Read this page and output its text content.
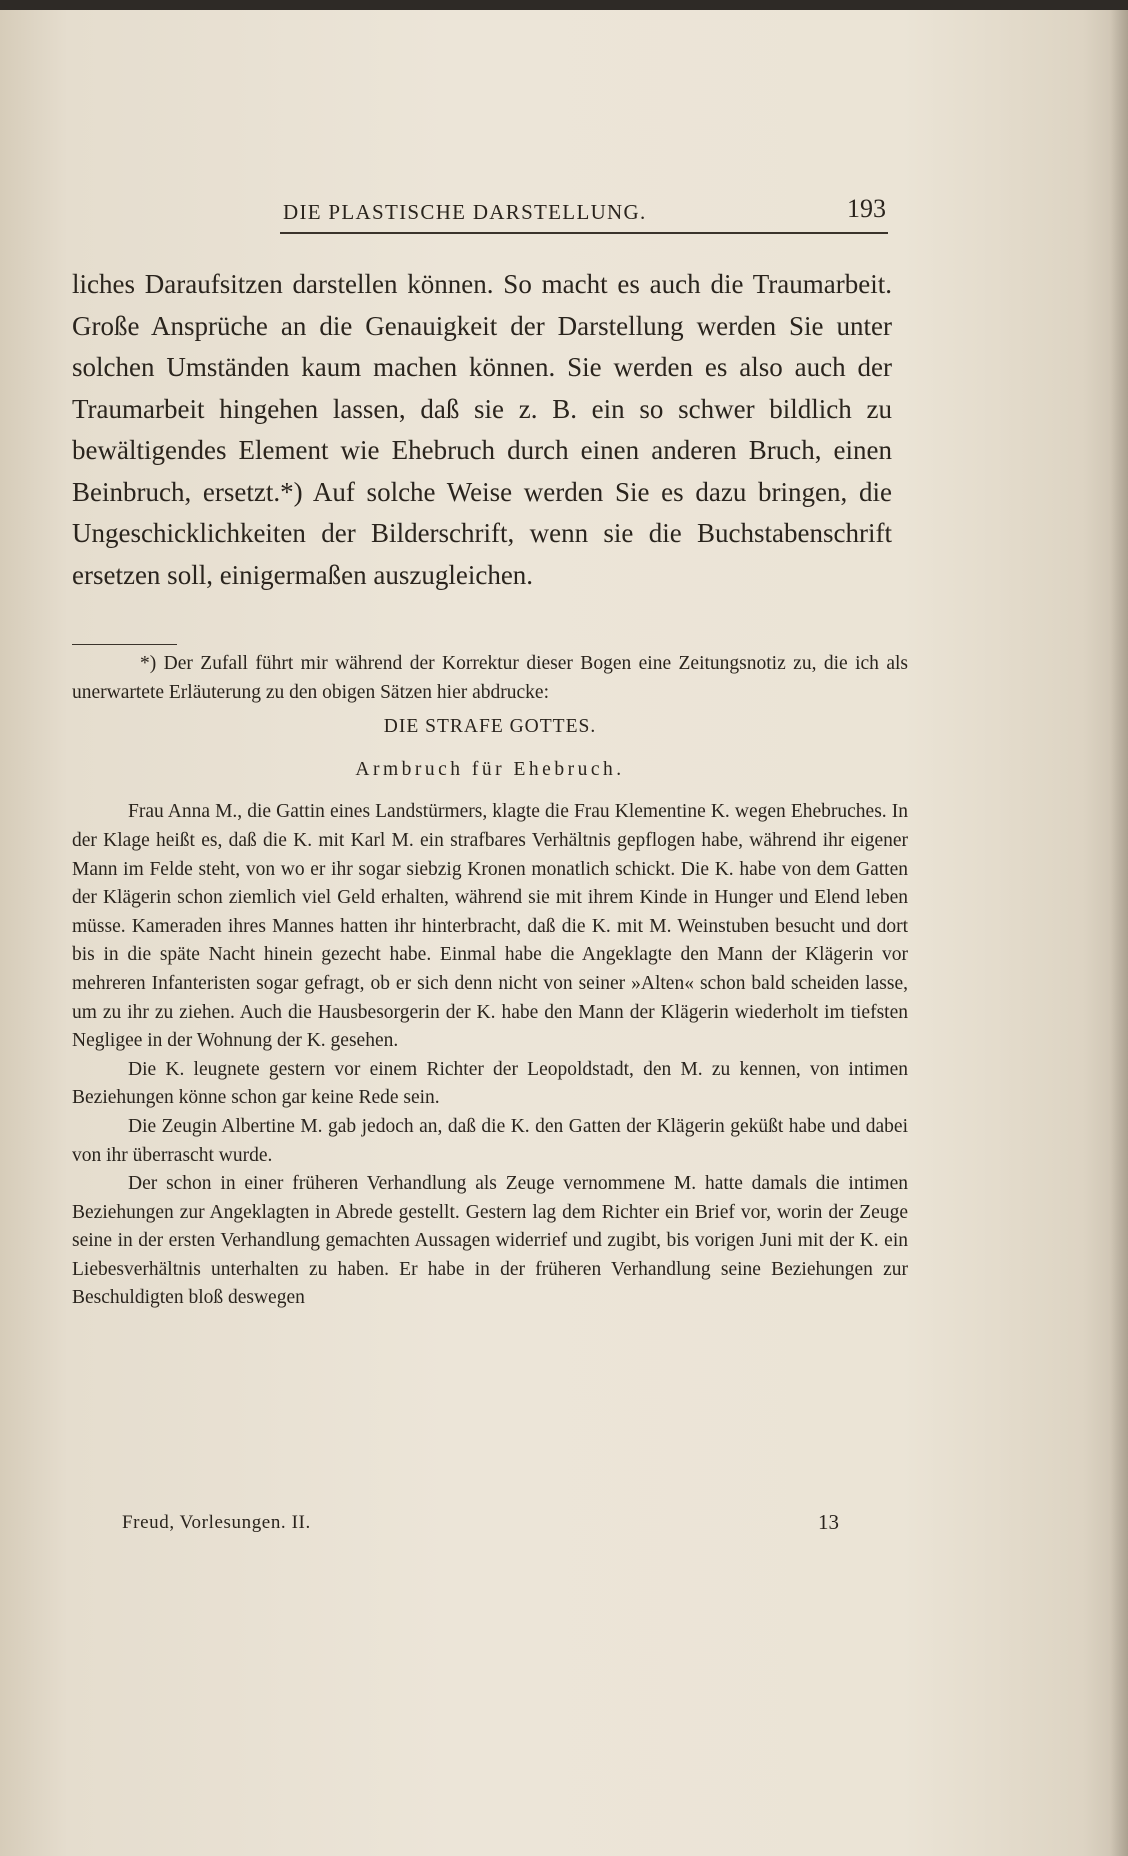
DIE PLASTISCHE DARSTELLUNG.	193

liches Daraufsitzen darstellen können. So macht es auch die Traumarbeit. Große Ansprüche an die Genauigkeit der Darstellung werden Sie unter solchen Umständen kaum machen können. Sie werden es also auch der Traumarbeit hingehen lassen, daß sie z. B. ein so schwer bildlich zu bewältigendes Element wie Ehebruch durch einen anderen Bruch, einen Beinbruch, ersetzt.*) Auf solche Weise werden Sie es dazu bringen, die Ungeschicklichkeiten der Bilderschrift, wenn sie die Buchstabenschrift ersetzen soll, einigermaßen auszugleichen.

*) Der Zufall führt mir während der Korrektur dieser Bogen eine Zeitungsnotiz zu, die ich als unerwartete Erläuterung zu den obigen Sätzen hier abdrucke:

DIE STRAFE GOTTES.

Armbruch für Ehebruch.

Frau Anna M., die Gattin eines Landstürmers, klagte die Frau Klementine K. wegen Ehebruches. In der Klage heißt es, daß die K. mit Karl M. ein strafbares Verhältnis gepflogen habe, während ihr eigener Mann im Felde steht, von wo er ihr sogar siebzig Kronen monatlich schickt. Die K. habe von dem Gatten der Klägerin schon ziemlich viel Geld erhalten, während sie mit ihrem Kinde in Hunger und Elend leben müsse. Kameraden ihres Mannes hatten ihr hinterbracht, daß die K. mit M. Weinstuben besucht und dort bis in die späte Nacht hinein gezecht habe. Einmal habe die Angeklagte den Mann der Klägerin vor mehreren Infanteristen sogar gefragt, ob er sich denn nicht von seiner »Alten« schon bald scheiden lasse, um zu ihr zu ziehen. Auch die Hausbesorgerin der K. habe den Mann der Klägerin wiederholt im tiefsten Negligee in der Wohnung der K. gesehen.

Die K. leugnete gestern vor einem Richter der Leopoldstadt, den M. zu kennen, von intimen Beziehungen könne schon gar keine Rede sein.

Die Zeugin Albertine M. gab jedoch an, daß die K. den Gatten der Klägerin geküßt habe und dabei von ihr überrascht wurde.

Der schon in einer früheren Verhandlung als Zeuge vernommene M. hatte damals die intimen Beziehungen zur Angeklagten in Abrede gestellt. Gestern lag dem Richter ein Brief vor, worin der Zeuge seine in der ersten Verhandlung gemachten Aussagen widerrief und zugibt, bis vorigen Juni mit der K. ein Liebesverhältnis unterhalten zu haben. Er habe in der früheren Verhandlung seine Beziehungen zur Beschuldigten bloß deswegen

Freud, Vorlesungen. II.	13
